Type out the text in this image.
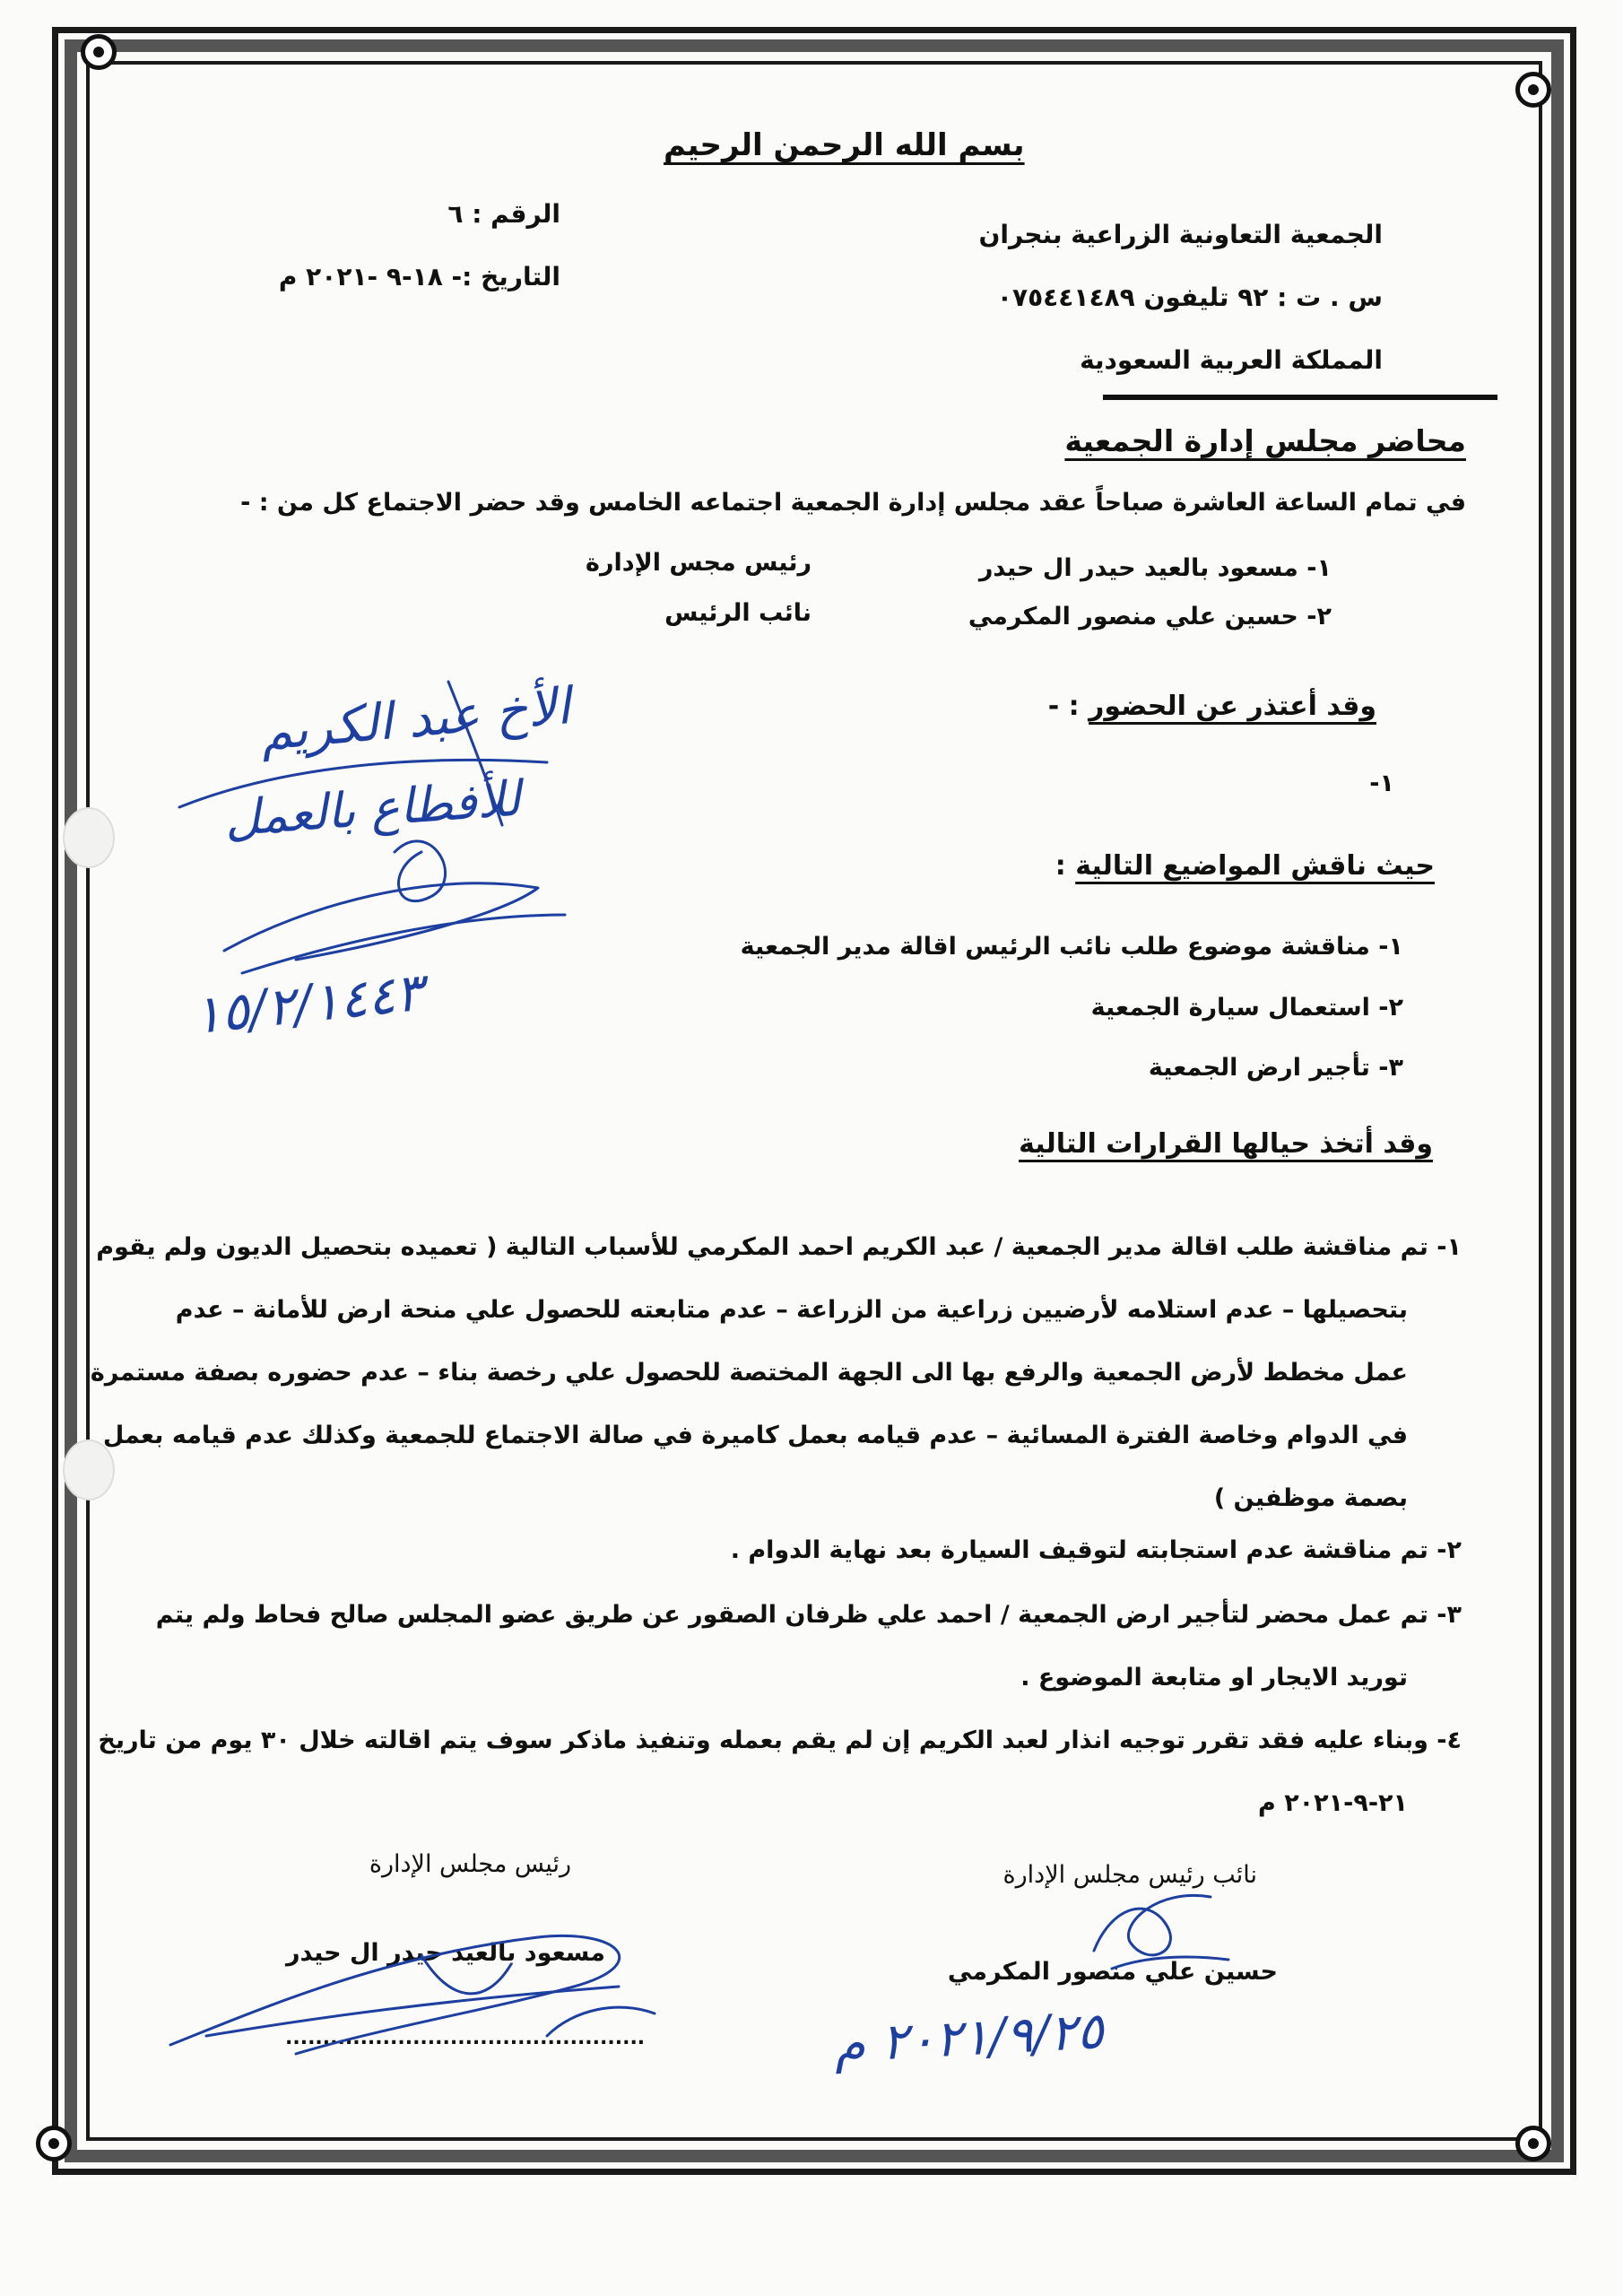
بسم الله الرحمن الرحيم
الرقم : ٦
التاريخ :- ١٨-٩ -٢٠٢١ م
الجمعية التعاونية الزراعية بنجران
س . ت : ٩٢ تليفون ٠٧٥٤٤١٤٨٩
المملكة العربية السعودية
محاضر مجلس إدارة الجمعية
في تمام الساعة العاشرة صباحاً عقد مجلس إدارة الجمعية اجتماعه الخامس وقد حضر الاجتماع كل من : -
١- مسعود بالعيد حيدر ال حيدر
رئيس مجس الإدارة
٢- حسين علي منصور المكرمي
نائب الرئيس
وقد أعتذر عن الحضور : -
١-
حيث ناقش المواضيع التالية :
١- مناقشة موضوع طلب نائب الرئيس اقالة مدير الجمعية
٢- استعمال سيارة الجمعية
٣- تأجير ارض الجمعية
وقد أتخذ حيالها القرارات التالية
١- تم مناقشة طلب اقالة مدير الجمعية / عبد الكريم احمد المكرمي للأسباب التالية ( تعميده بتحصيل الديون ولم يقوم
بتحصيلها – عدم استلامه لأرضيين زراعية من الزراعة – عدم متابعته للحصول علي منحة ارض للأمانة – عدم
عمل مخطط لأرض الجمعية والرفع بها الى الجهة المختصة للحصول علي رخصة بناء – عدم حضوره بصفة مستمرة
في الدوام وخاصة الفترة المسائية – عدم قيامه بعمل كاميرة في صالة الاجتماع للجمعية وكذلك عدم قيامه بعمل
بصمة موظفين )
٢- تم مناقشة عدم استجابته لتوقيف السيارة بعد نهاية الدوام .
٣- تم عمل محضر لتأجير ارض الجمعية / احمد علي ظرفان الصقور عن طريق عضو المجلس صالح فحاط ولم يتم
توريد الايجار او متابعة الموضوع .
٤- وبناء عليه فقد تقرر توجيه انذار لعبد الكريم إن لم يقم بعمله وتنفيذ ماذكر سوف يتم اقالته خلال ٣٠ يوم من تاريخ
٢١-٩-٢٠٢١ م
رئيس مجلس الإدارة
مسعود بالعيد حيدر ال حيدر
................................................
نائب رئيس مجلس الإدارة
حسين علي منصور المكرمي
الأخ عبد الكريم
للأفطاع بالعمل
١٥/٢/١٤٤٣
٢٠٢١/٩/٢٥ م
